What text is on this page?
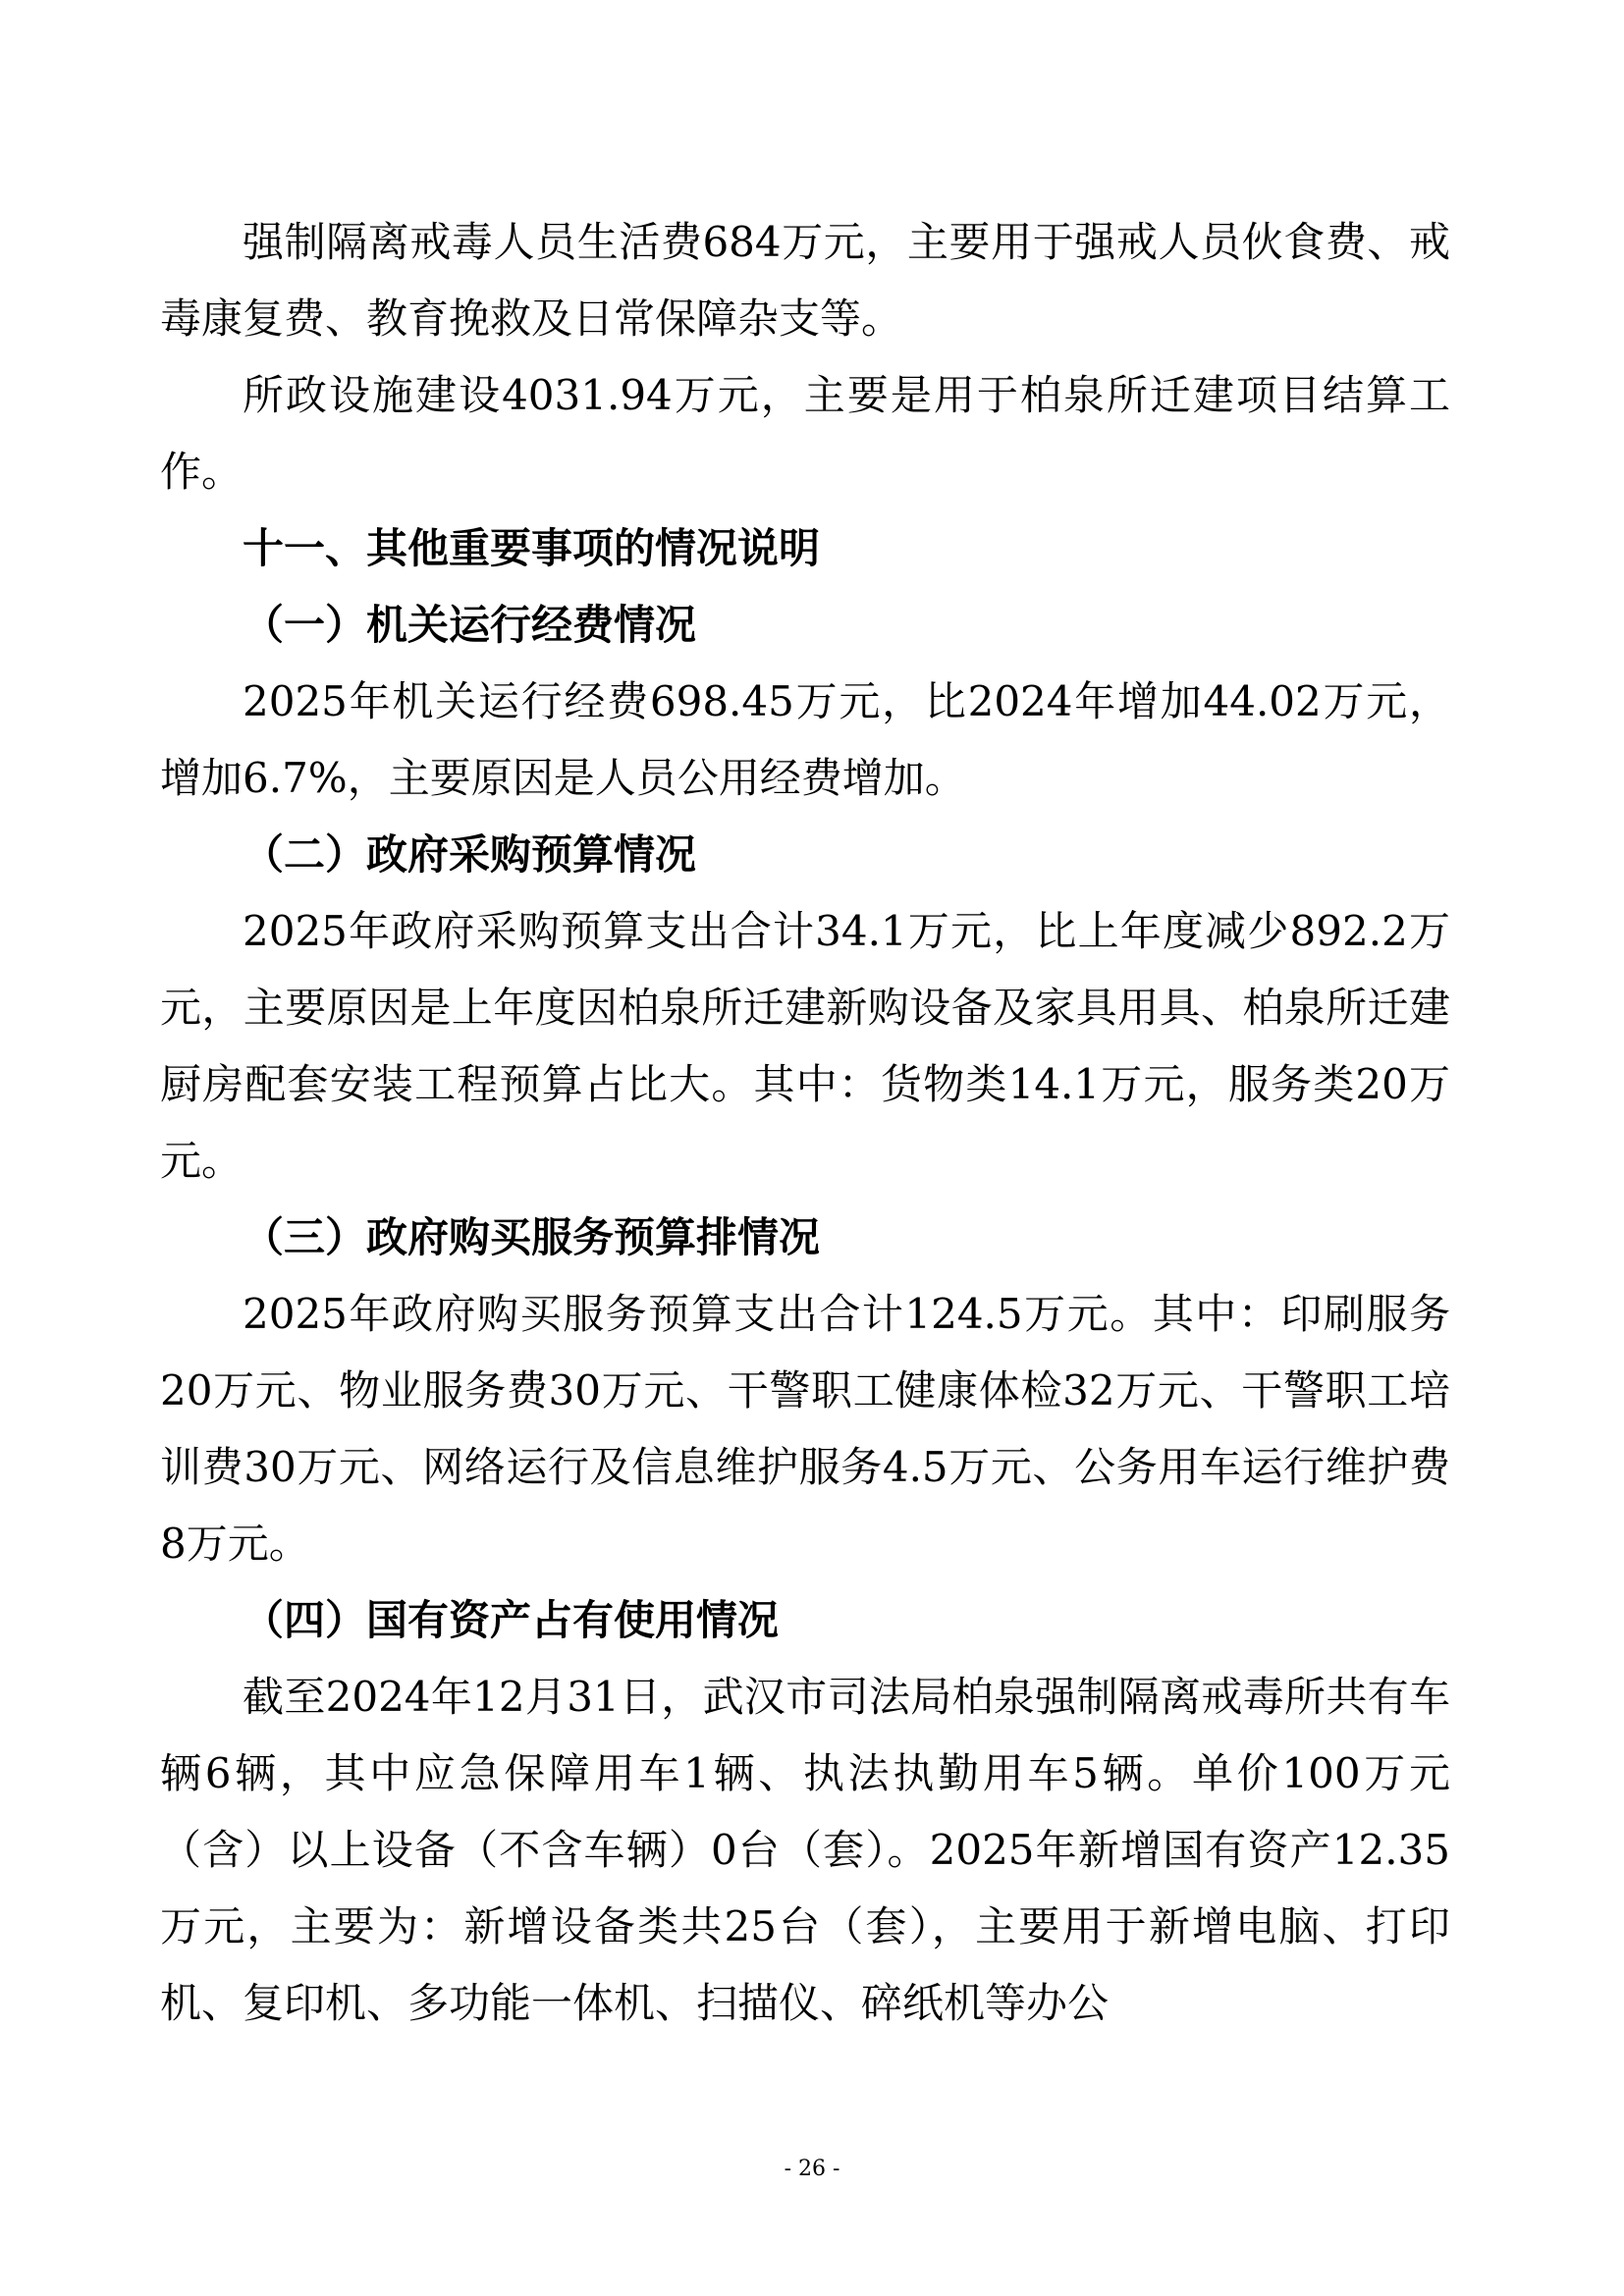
强制隔离戒毒人员生活费684万元，主要用于强戒人员伙食费、戒毒康复费、教育挽救及日常保障杂支等。

所政设施建设4031.94万元，主要是用于柏泉所迁建项目结算工作。

十一、其他重要事项的情况说明
（一）机关运行经费情况

2025年机关运行经费698.45万元，比2024年增加44.02万元，增加6.7%，主要原因是人员公用经费增加。

（二）政府采购预算情况

2025年政府采购预算支出合计34.1万元，比上年度减少892.2万元，主要原因是上年度因柏泉所迁建新购设备及家具用具、柏泉所迁建厨房配套安装工程预算占比大。其中：货物类14.1万元，服务类20万元。

（三）政府购买服务预算排情况

2025年政府购买服务预算支出合计124.5万元。其中：印刷服务20万元、物业服务费30万元、干警职工健康体检32万元、干警职工培训费30万元、网络运行及信息维护服务4.5万元、公务用车运行维护费8万元。

（四）国有资产占有使用情况

截至2024年12月31日，武汉市司法局柏泉强制隔离戒毒所共有车辆6辆，其中应急保障用车1辆、执法执勤用车5辆。单价100万元（含）以上设备（不含车辆）0台（套）。2025年新增国有资产12.35万元，主要为：新增设备类共25台（套），主要用于新增电脑、打印机、复印机、多功能一体机、扫描仪、碎纸机等办公

- 26 -
